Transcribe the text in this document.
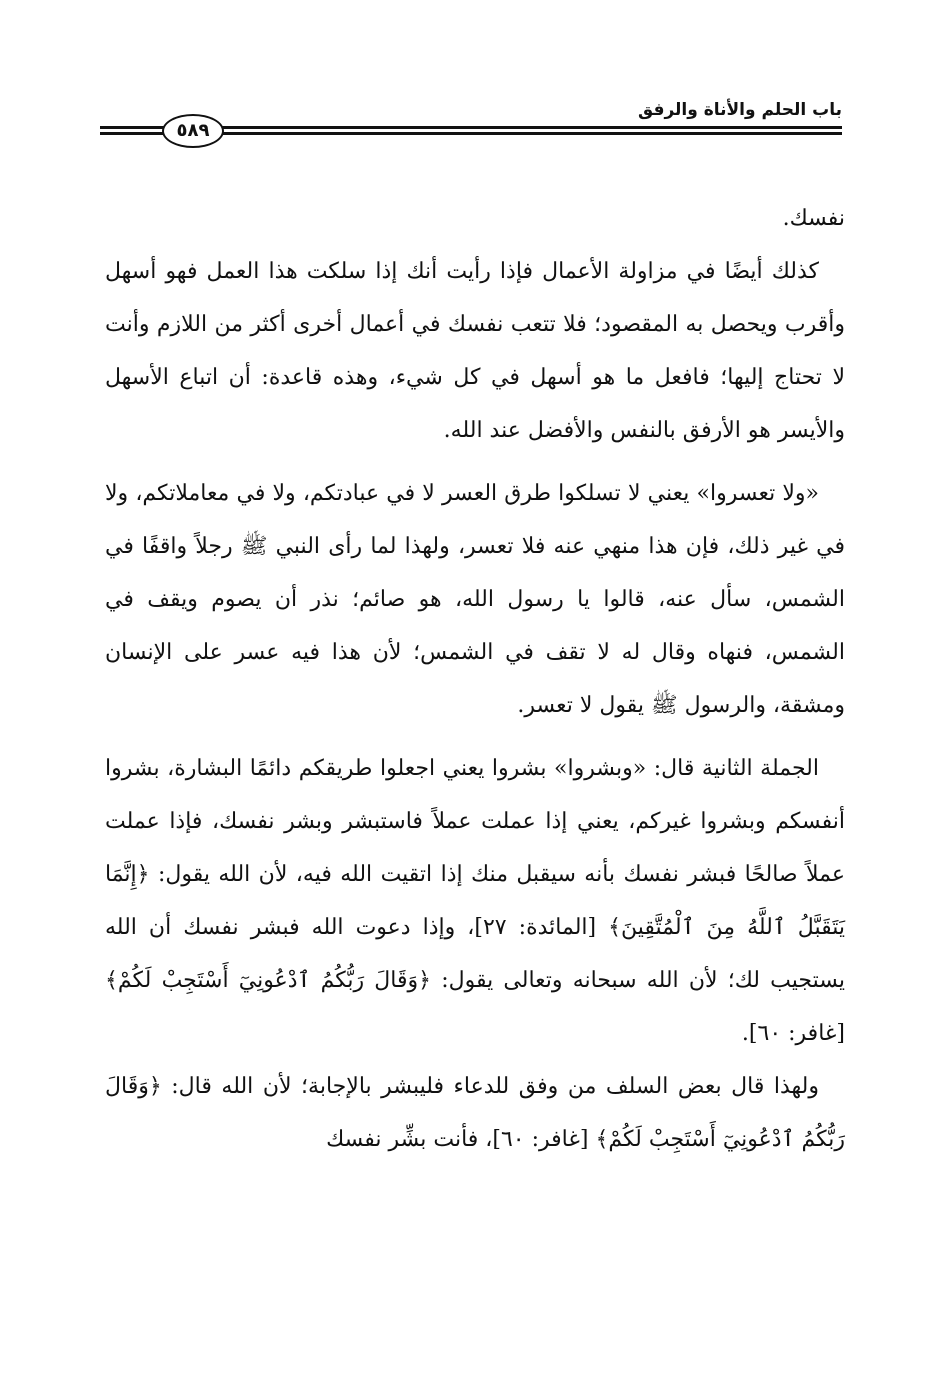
باب الحلم والأناة والرفق
٥٨٩

نفسك.

كذلك أيضًا في مزاولة الأعمال فإذا رأيت أنك إذا سلكت هذا العمل فهو أسهل وأقرب ويحصل به المقصود؛ فلا تتعب نفسك في أعمال أخرى أكثر من اللازم وأنت لا تحتاج إليها؛ فافعل ما هو أسهل في كل شيء، وهذه قاعدة: أن اتباع الأسهل والأيسر هو الأرفق بالنفس والأفضل عند الله.

«ولا تعسروا» يعني لا تسلكوا طرق العسر لا في عبادتكم، ولا في معاملاتكم، ولا في غير ذلك، فإن هذا منهي عنه فلا تعسر، ولهذا لما رأى النبي ﷺ رجلاً واقفًا في الشمس، سأل عنه، قالوا يا رسول الله، هو صائم؛ نذر أن يصوم ويقف في الشمس، فنهاه وقال له لا تقف في الشمس؛ لأن هذا فيه عسر على الإنسان ومشقة، والرسول ﷺ يقول لا تعسر.

الجملة الثانية قال: «وبشروا» بشروا يعني اجعلوا طريقكم دائمًا البشارة، بشروا أنفسكم وبشروا غيركم، يعني إذا عملت عملاً فاستبشر وبشر نفسك، فإذا عملت عملاً صالحًا فبشر نفسك بأنه سيقبل منك إذا اتقيت الله فيه، لأن الله يقول: ﴿إِنَّمَا يَتَقَبَّلُ ٱللَّهُ مِنَ ٱلْمُتَّقِينَ﴾ [المائدة: ٢٧]، وإذا دعوت الله فبشر نفسك أن الله يستجيب لك؛ لأن الله سبحانه وتعالى يقول: ﴿وَقَالَ رَبُّكُمُ ٱدْعُونِيٓ أَسْتَجِبْ لَكُمْ﴾ [غافر: ٦٠].

ولهذا قال بعض السلف من وفق للدعاء فليبشر بالإجابة؛ لأن الله قال: ﴿وَقَالَ رَبُّكُمُ ٱدْعُونِيٓ أَسْتَجِبْ لَكُمْ﴾ [غافر: ٦٠]، فأنت بشِّر نفسك
